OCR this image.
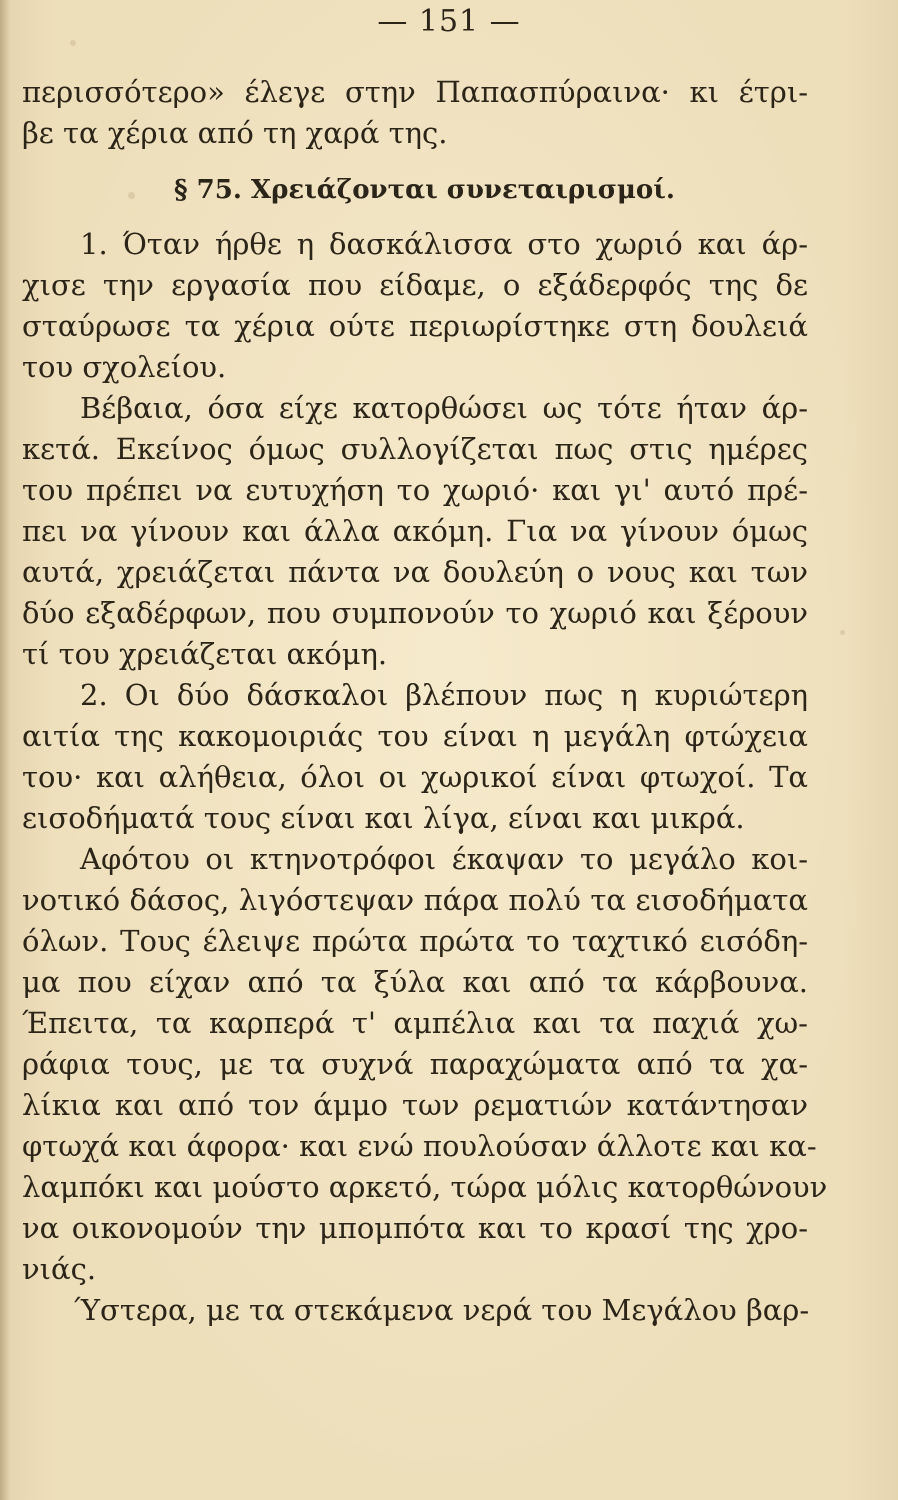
— 151 —
περισσότερο» έλεγε στην Παπασπύραινα· κι έτρι-
βε τα χέρια από τη χαρά της.
§ 75. Χρειάζονται συνεταιρισμοί.
1. Όταν ήρθε η δασκάλισσα στο χωριό και άρ-
χισε την εργασία που είδαμε, ο εξάδερφός της δε
σταύρωσε τα χέρια ούτε περιωρίστηκε στη δουλειά
του σχολείου.
Βέβαια, όσα είχε κατορθώσει ως τότε ήταν άρ-
κετά. Εκείνος όμως συλλογίζεται πως στις ημέρες
του πρέπει να ευτυχήση το χωριό· και γι' αυτό πρέ-
πει να γίνουν και άλλα ακόμη. Για να γίνουν όμως
αυτά, χρειάζεται πάντα να δουλεύη ο νους και των
δύο εξαδέρφων, που συμπονούν το χωριό και ξέρουν
τί του χρειάζεται ακόμη.
2. Οι δύο δάσκαλοι βλέπουν πως η κυριώτερη
αιτία της κακομοιριάς του είναι η μεγάλη φτώχεια
του· και αλήθεια, όλοι οι χωρικοί είναι φτωχοί. Τα
εισοδήματά τους είναι και λίγα, είναι και μικρά.
Αφότου οι κτηνοτρόφοι έκαψαν το μεγάλο κοι-
νοτικό δάσος, λιγόστεψαν πάρα πολύ τα εισοδήματα
όλων. Τους έλειψε πρώτα πρώτα το ταχτικό εισόδη-
μα που είχαν από τα ξύλα και από τα κάρβουνα.
Έπειτα, τα καρπερά τ' αμπέλια και τα παχιά χω-
ράφια τους, με τα συχνά παραχώματα από τα χα-
λίκια και από τον άμμο των ρεματιών κατάντησαν
φτωχά και άφορα· και ενώ πουλούσαν άλλοτε και κα-
λαμπόκι και μούστο αρκετό, τώρα μόλις κατορθώνουν
να οικονομούν την μπομπότα και το κρασί της χρο-
νιάς.
Ύστερα, με τα στεκάμενα νερά του Μεγάλου βαρ-
